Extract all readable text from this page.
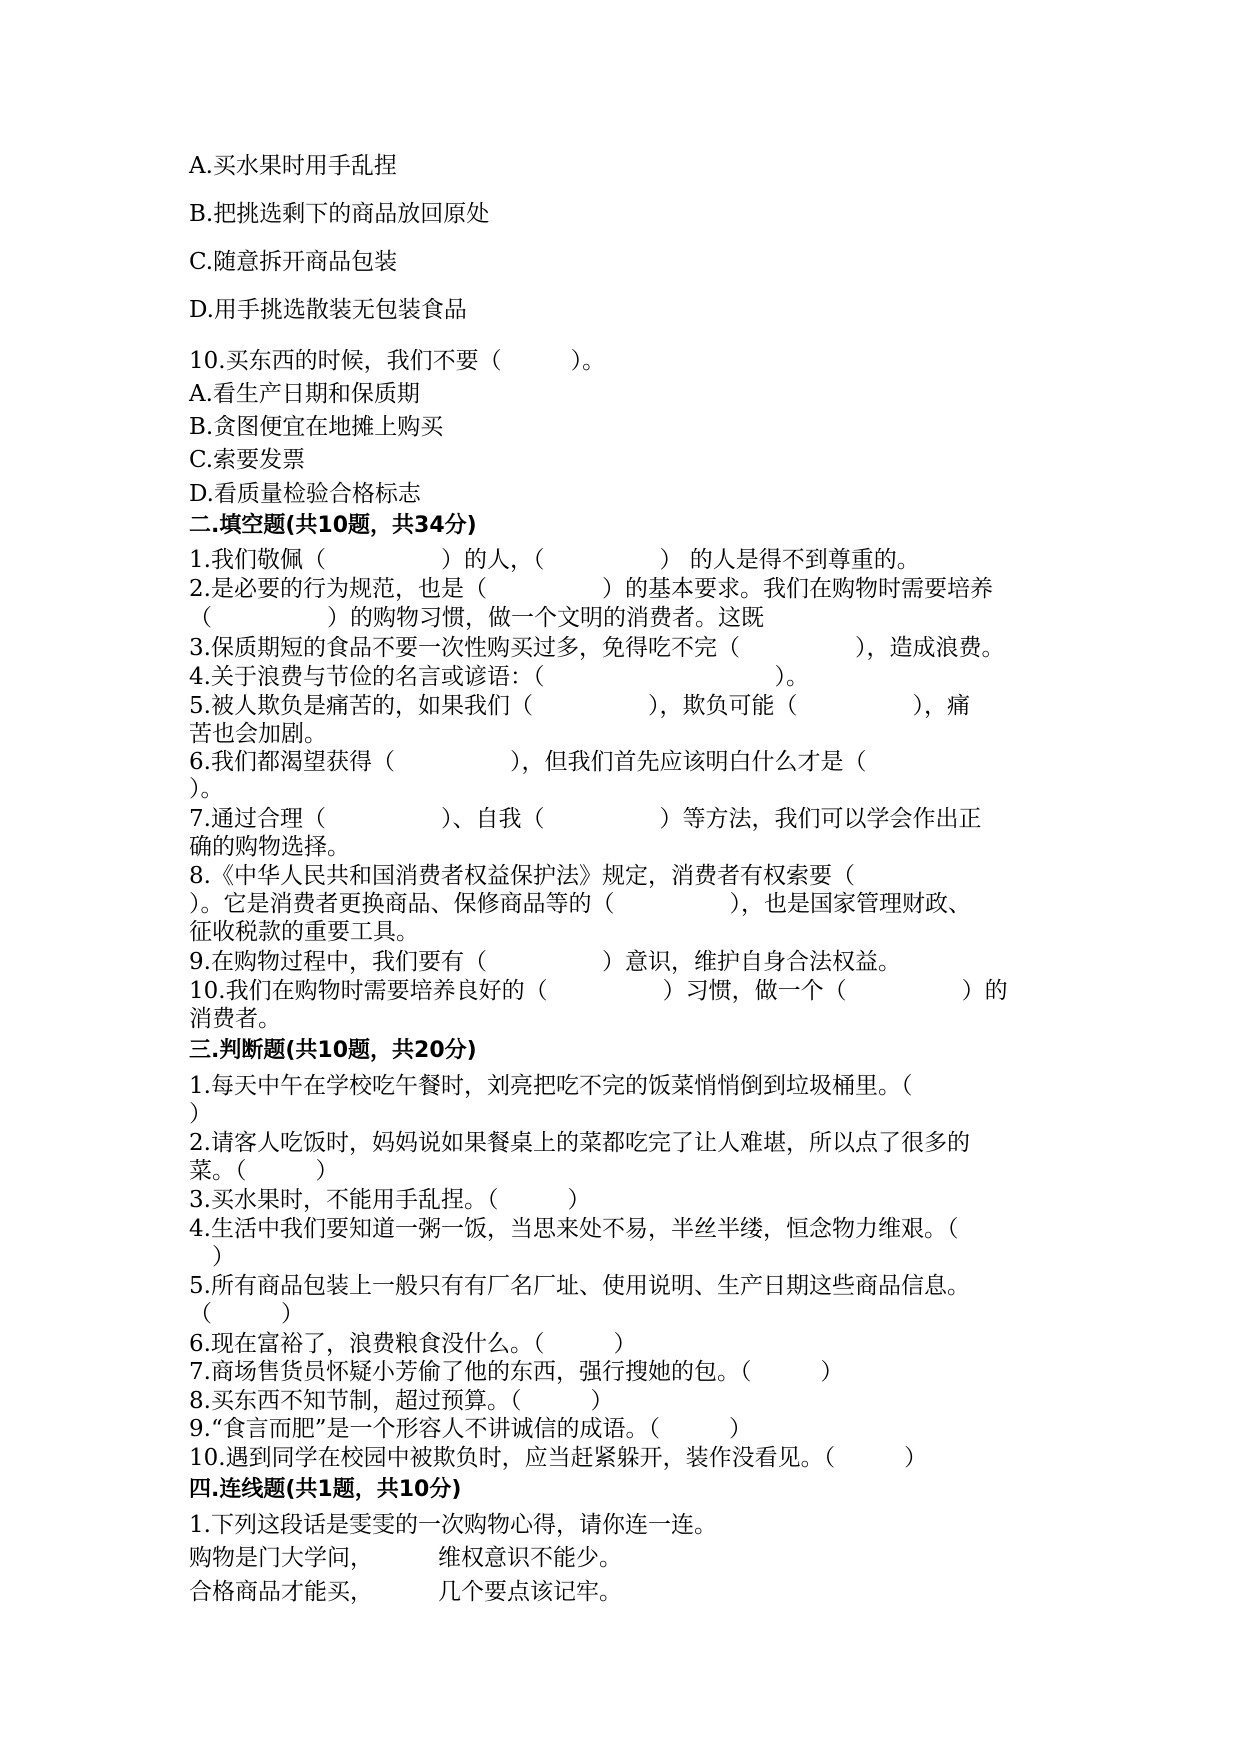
A.买水果时用手乱捏
B.把挑选剩下的商品放回原处
C.随意拆开商品包装
D.用手挑选散装无包装食品
10.买东西的时候，我们不要（　　　）。
A.看生产日期和保质期
B.贪图便宜在地摊上购买
C.索要发票
D.看质量检验合格标志
二.填空题(共10题，共34分)
1.我们敬佩（　　　　　）的人，（　　　　　） 的人是得不到尊重的。
2.是必要的行为规范，也是（　　　　　）的基本要求。我们在购物时需要培养
（　　　　　）的购物习惯，做一个文明的消费者。这既
3.保质期短的食品不要一次性购买过多，免得吃不完（　　　　　），造成浪费。
4.关于浪费与节俭的名言或谚语：（　　　　　　　　　　）。
5.被人欺负是痛苦的，如果我们（　　　　　），欺负可能（　　　　　），痛
苦也会加剧。
6.我们都渴望获得（　　　　　），但我们首先应该明白什么才是（
）。
7.通过合理（　　　　　）、自我（　　　　　）等方法，我们可以学会作出正
确的购物选择。
8.《中华人民共和国消费者权益保护法》规定，消费者有权索要（
）。它是消费者更换商品、保修商品等的（　　　　　），也是国家管理财政、
征收税款的重要工具。
9.在购物过程中，我们要有（　　　　　）意识，维护自身合法权益。
10.我们在购物时需要培养良好的（　　　　　）习惯，做一个（　　　　　）的
消费者。
三.判断题(共10题，共20分)
1.每天中午在学校吃午餐时，刘亮把吃不完的饭菜悄悄倒到垃圾桶里。（
）
2.请客人吃饭时，妈妈说如果餐桌上的菜都吃完了让人难堪，所以点了很多的
菜。（　　　）
3.买水果时，不能用手乱捏。（　　　）
4.生活中我们要知道一粥一饭，当思来处不易，半丝半缕，恒念物力维艰。（
　）
5.所有商品包装上一般只有有厂名厂址、使用说明、生产日期这些商品信息。
（　　　）
6.现在富裕了，浪费粮食没什么。（　　　）
7.商场售货员怀疑小芳偷了他的东西，强行搜她的包。（　　　）
8.买东西不知节制，超过预算。（　　　）
9.“食言而肥”是一个形容人不讲诚信的成语。（　　　）
10.遇到同学在校园中被欺负时，应当赶紧躲开，装作没看见。（　　　）
四.连线题(共1题，共10分)
1.下列这段话是雯雯的一次购物心得，请你连一连。
购物是门大学问，	维权意识不能少。
合格商品才能买，	几个要点该记牢。
